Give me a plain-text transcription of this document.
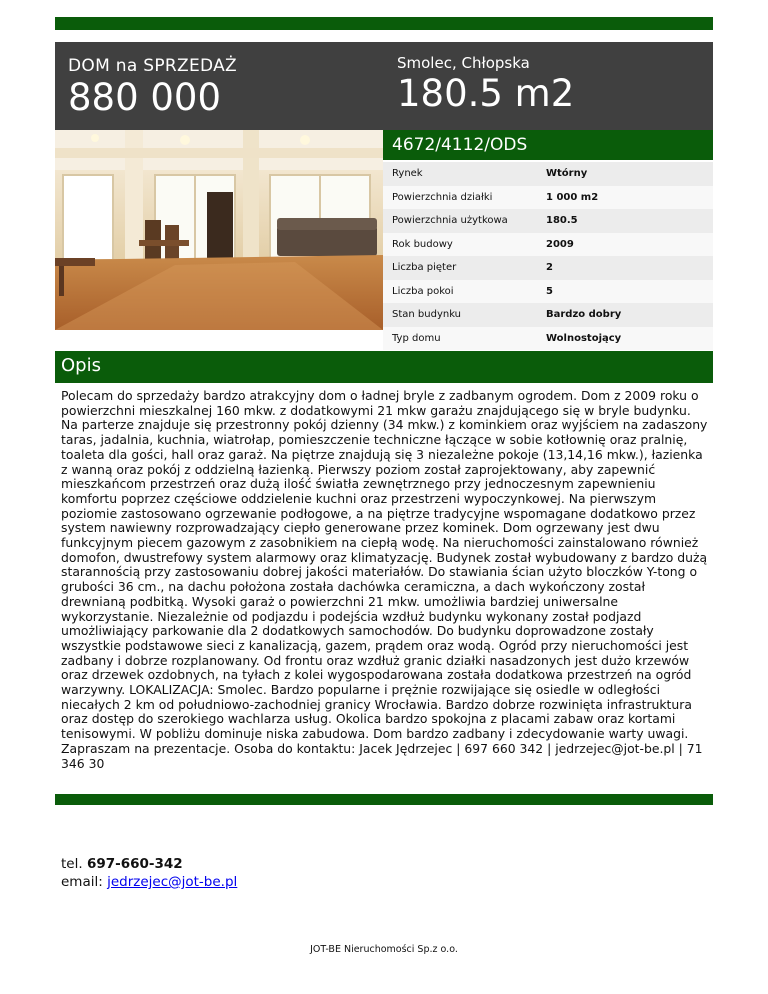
DOM na SPRZEDAŻ
880 000
Smolec, Chłopska
180.5 m2
4672/4112/ODS
Rynek	Wtórny
Powierzchnia działki	1 000 m2
Powierzchnia użytkowa	180.5
Rok budowy	2009
Liczba pięter	2
Liczba pokoi	5
Stan budynku	Bardzo dobry
Typ domu	Wolnostojący
Opis

Polecam do sprzedaży bardzo atrakcyjny dom o ładnej bryle z zadbanym ogrodem. Dom z 2009 roku o powierzchni mieszkalnej 160 mkw. z dodatkowymi 21 mkw garażu znajdującego się w bryle budynku. Na parterze znajduje się przestronny pokój dzienny (34 mkw.) z kominkiem oraz wyjściem na zadaszony taras, jadalnia, kuchnia, wiatrołap, pomieszczenie techniczne łączące w sobie kotłownię oraz pralnię, toaleta dla gości, hall oraz garaż. Na piętrze znajdują się 3 niezależne pokoje (13,14,16 mkw.), łazienka z wanną oraz pokój z oddzielną łazienką. Pierwszy poziom został zaprojektowany, aby zapewnić mieszkańcom przestrzeń oraz dużą ilość światła zewnętrznego przy jednoczesnym zapewnieniu komfortu poprzez częściowe oddzielenie kuchni oraz przestrzeni wypoczynkowej. Na pierwszym poziomie zastosowano ogrzewanie podłogowe, a na piętrze tradycyjne wspomagane dodatkowo przez system nawiewny rozprowadzający ciepło generowane przez kominek. Dom ogrzewany jest dwu funkcyjnym piecem gazowym z zasobnikiem na ciepłą wodę. Na nieruchomości zainstalowano również domofon, dwustrefowy system alarmowy oraz klimatyzację. Budynek został wybudowany z bardzo dużą starannością przy zastosowaniu dobrej jakości materiałów. Do stawiania ścian użyto bloczków Y-tong o grubości 36 cm., na dachu położona została dachówka ceramiczna, a dach wykończony został drewnianą podbitką. Wysoki garaż o powierzchni 21 mkw. umożliwia bardziej uniwersalne wykorzystanie. Niezależnie od podjazdu i podejścia wzdłuż budynku wykonany został podjazd umożliwiający parkowanie dla 2 dodatkowych samochodów. Do budynku doprowadzone zostały wszystkie podstawowe sieci z kanalizacją, gazem, prądem oraz wodą. Ogród przy nieruchomości jest zadbany i dobrze rozplanowany. Od frontu oraz wzdłuż granic działki nasadzonych jest dużo krzewów oraz drzewek ozdobnych, na tyłach z kolei wygospodarowana została dodatkowa przestrzeń na ogród warzywny. LOKALIZACJA: Smolec. Bardzo popularne i prężnie rozwijające się osiedle w odległości niecałych 2 km od południowo-zachodniej granicy Wrocławia. Bardzo dobrze rozwinięta infrastruktura oraz dostęp do szerokiego wachlarza usług. Okolica bardzo spokojna z placami zabaw oraz kortami tenisowymi. W pobliżu dominuje niska zabudowa. Dom bardzo zadbany i zdecydowanie warty uwagi. Zapraszam na prezentacje. Osoba do kontaktu: Jacek Jędrzejec | 697 660 342 | jedrzejec@jot-be.pl | 71 346 30

tel. 697-660-342
email: jedrzejec@jot-be.pl
JOT-BE Nieruchomości Sp.z o.o.
